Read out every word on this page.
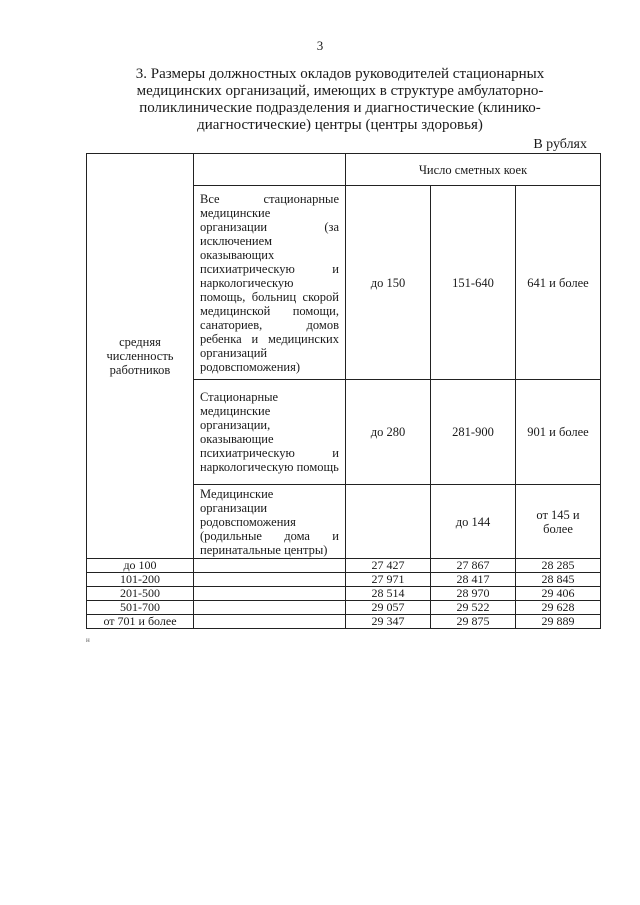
3
3. Размеры должностных окладов руководителей стационарных медицинских организаций, имеющих в структуре амбулаторно-поликлинические подразделения и диагностические (клинико-диагностические) центры (центры здоровья)
В рублях
средняя численность работников		Число сметных коек		
	Все стационарные медицинские организации (за исключением оказывающих психиатрическую и наркологическую помощь, больниц скорой медицинской помощи, санаториев, домов ребенка и медицинских организаций родовспоможения)	до 150	151-640	641 и более
	Стационарные медицинские организации, оказывающие психиатрическую и наркологическую помощь	до 280	281-900	901 и более
	Медицинские организации родовспоможения (родильные дома и перинатальные центры)		до 144	от 145 и более
до 100		27 427	27 867	28 285
101-200		27 971	28 417	28 845
201-500		28 514	28 970	29 406
501-700		29 057	29 522	29 628
от 701 и более		29 347	29 875	29 889
н
